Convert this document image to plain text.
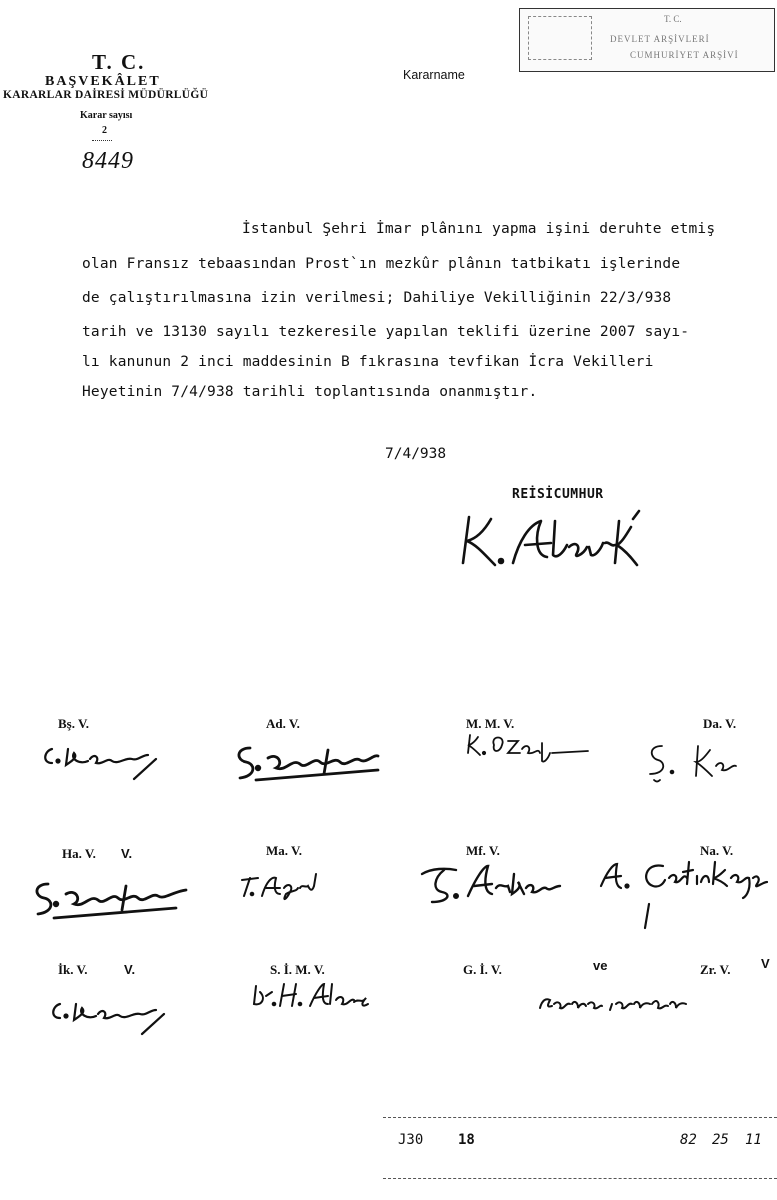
T. C.
BAŞVEKÂLET
KARARLAR DAİRESİ MÜDÜRLÜĞÜ
Karar sayısı
2
8449
Kararname
T. C.
DEVLET ARŞİVLERİ
CUMHURİYET ARŞİVİ
İstanbul Şehri İmar plânını yapma işini deruhte etmiş
olan Fransız tebaasından Prost`ın mezkûr plânın tatbikatı işlerinde
de çalıştırılmasına izin verilmesi; Dahiliye Vekilliğinin 22/3/938
tarih ve 13130 sayılı tezkeresile yapılan teklifi üzerine 2007 sayı-
lı kanunun 2 inci maddesinin B fıkrasına tevfikan İcra Vekilleri
Heyetinin 7/4/938 tarihli toplantısında onanmıştır.
7/4/938
REİSİCUMHUR
Bş. V.	Ad. V.	M. M. V.	Da. V.
Ha. V. V.	Ma. V.	Mf. V.	Na. V.
İk. V.	V.	S. İ. M. V.	G. İ. V.	ve	Zr. V. V
J30 18	82 25 11
